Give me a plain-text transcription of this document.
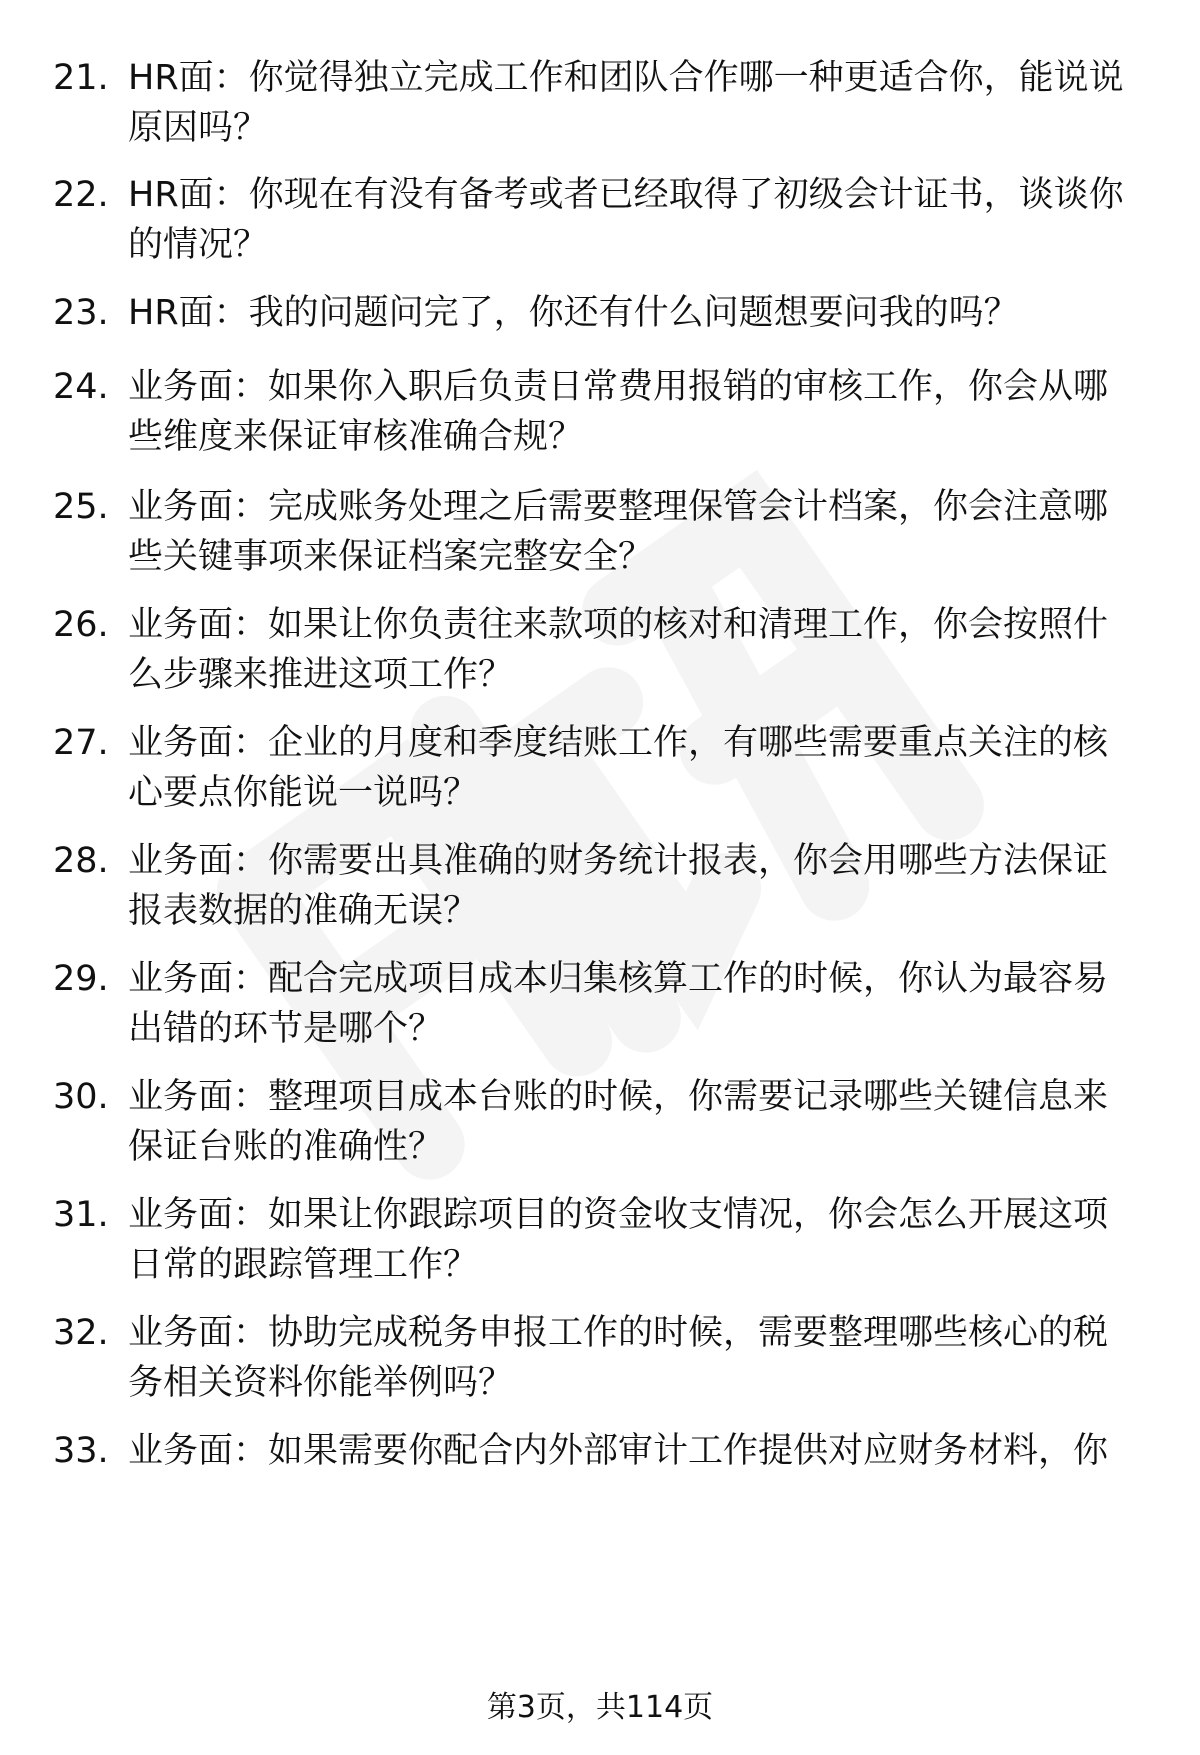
21. HR面：你觉得独立完成工作和团队合作哪一种更适合你，能说说
原因吗？
22. HR面：你现在有没有备考或者已经取得了初级会计证书，谈谈你
的情况？
23. HR面：我的问题问完了，你还有什么问题想要问我的吗？
24. 业务面：如果你入职后负责日常费用报销的审核工作，你会从哪
些维度来保证审核准确合规？
25. 业务面：完成账务处理之后需要整理保管会计档案，你会注意哪
些关键事项来保证档案完整安全？
26. 业务面：如果让你负责往来款项的核对和清理工作，你会按照什
么步骤来推进这项工作？
27. 业务面：企业的月度和季度结账工作，有哪些需要重点关注的核
心要点你能说一说吗？
28. 业务面：你需要出具准确的财务统计报表，你会用哪些方法保证
报表数据的准确无误？
29. 业务面：配合完成项目成本归集核算工作的时候，你认为最容易
出错的环节是哪个？
30. 业务面：整理项目成本台账的时候，你需要记录哪些关键信息来
保证台账的准确性？
31. 业务面：如果让你跟踪项目的资金收支情况，你会怎么开展这项
日常的跟踪管理工作？
32. 业务面：协助完成税务申报工作的时候，需要整理哪些核心的税
务相关资料你能举例吗？
33. 业务面：如果需要你配合内外部审计工作提供对应财务材料，你
第3页，共114页
